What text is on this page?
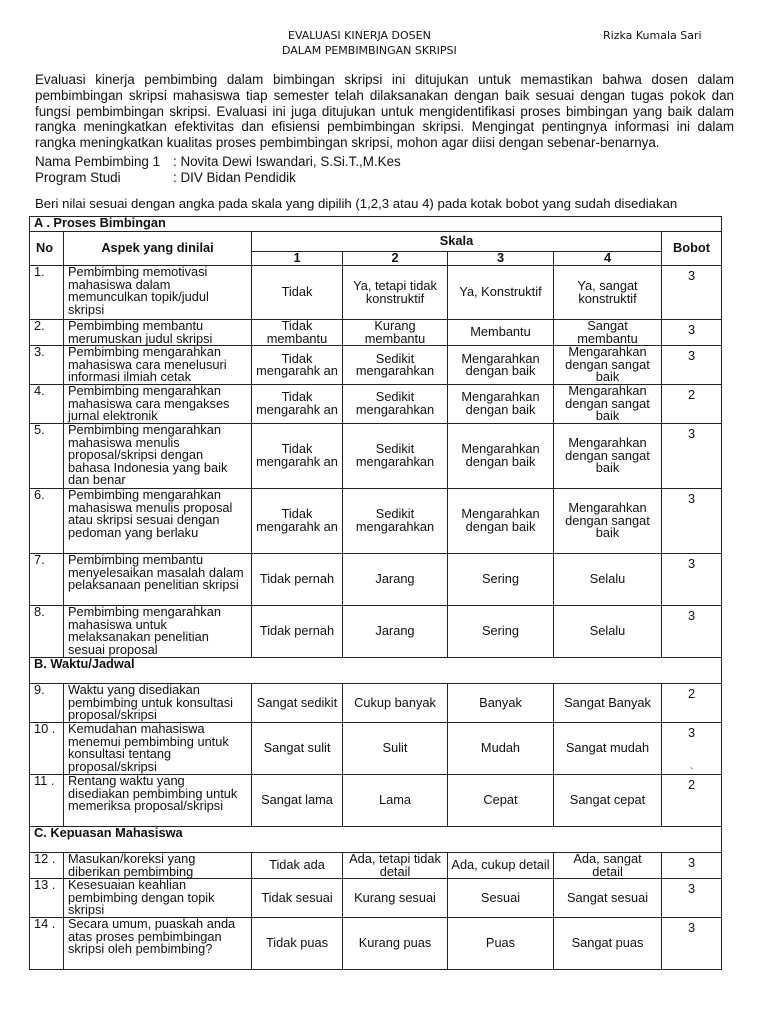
EVALUASI KINERJA DOSEN
DALAM PEMBIMBINGAN SKRIPSI
Rizka Kumala Sari
Evaluasi kinerja pembimbing dalam bimbingan skripsi ini ditujukan untuk memastikan bahwa dosen dalam pembimbingan skripsi mahasiswa tiap semester telah dilaksanakan dengan baik sesuai dengan tugas pokok dan fungsi pembimbingan skripsi. Evaluasi ini juga ditujukan untuk mengidentifikasi proses bimbingan yang baik dalam rangka meningkatkan efektivitas dan efisiensi pembimbingan skripsi. Mengingat pentingnya informasi ini dalam rangka meningkatkan kualitas proses pembimbingan skripsi, mohon agar diisi dengan sebenar-benarnya.
Nama Pembimbing 1 : Novita Dewi Iswandari, S.Si.T.,M.Kes
Program Studi	: DIV Bidan Pendidik
Beri nilai sesuai dengan angka pada skala yang dipilih (1,2,3 atau 4) pada kotak bobot yang sudah disediakan
A . Proses Bimbingan						
No	Aspek yang dinilai	Skala				Bobot
		1	2	3	4	
1.	Pembimbing memotivasi mahasiswa dalam memunculkan topik/judul skripsi	Tidak	Ya, tetapi tidak konstruktif	Ya, Konstruktif	Ya, sangat konstruktif	3
2.	Pembimbing membantu merumuskan judul skripsi	Tidak membantu	Kurang membantu	Membantu	Sangat membantu	3
3.	Pembimbing mengarahkan mahasiswa cara menelusuri informasi ilmiah cetak	Tidak mengarahk an	Sedikit mengarahkan	Mengarahkan dengan baik	Mengarahkan dengan sangat baik	3
4.	Pembimbing mengarahkan mahasiswa cara mengakses jurnal elektronik	Tidak mengarahk an	Sedikit mengarahkan	Mengarahkan dengan baik	Mengarahkan dengan sangat baik	2
5.	Pembimbing mengarahkan mahasiswa menulis proposal/skripsi dengan bahasa Indonesia yang baik dan benar	Tidak mengarahk an	Sedikit mengarahkan	Mengarahkan dengan baik	Mengarahkan dengan sangat baik	3
6.	Pembimbing mengarahkan mahasiswa menulis proposal atau skripsi sesuai dengan pedoman yang berlaku	Tidak mengarahk an	Sedikit mengarahkan	Mengarahkan dengan baik	Mengarahkan dengan sangat baik	3
7.	Pembimbing membantu menyelesaikan masalah dalam pelaksanaan penelitian skripsi	Tidak pernah	Jarang	Sering	Selalu	3
8.	Pembimbing mengarahkan mahasiswa untuk melaksanakan penelitian sesuai proposal	Tidak pernah	Jarang	Sering	Selalu	3
B. Waktu/Jadwal						
9.	Waktu yang disediakan pembimbing untuk konsultasi proposal/skripsi	Sangat sedikit	Cukup banyak	Banyak	Sangat Banyak	2
10 .	Kemudahan mahasiswa menemui pembimbing untuk konsultasi tentang proposal/skripsi	Sangat sulit	Sulit	Mudah	Sangat mudah	3
11 .	Rentang waktu yang disediakan pembimbing untuk memeriksa proposal/skripsi	Sangat lama	Lama	Cepat	Sangat cepat	2
C. Kepuasan Mahasiswa						
12 .	Masukan/koreksi yang diberikan pembimbing	Tidak ada	Ada, tetapi tidak detail	Ada, cukup detail	Ada, sangat detail	3
13 .	Kesesuaian keahlian pembimbing dengan topik skripsi	Tidak sesuai	Kurang sesuai	Sesuai	Sangat sesuai	3
14 .	Secara umum, puaskah anda atas proses pembimbingan skripsi oleh pembimbing?	Tidak puas	Kurang puas	Puas	Sangat puas	3
`
